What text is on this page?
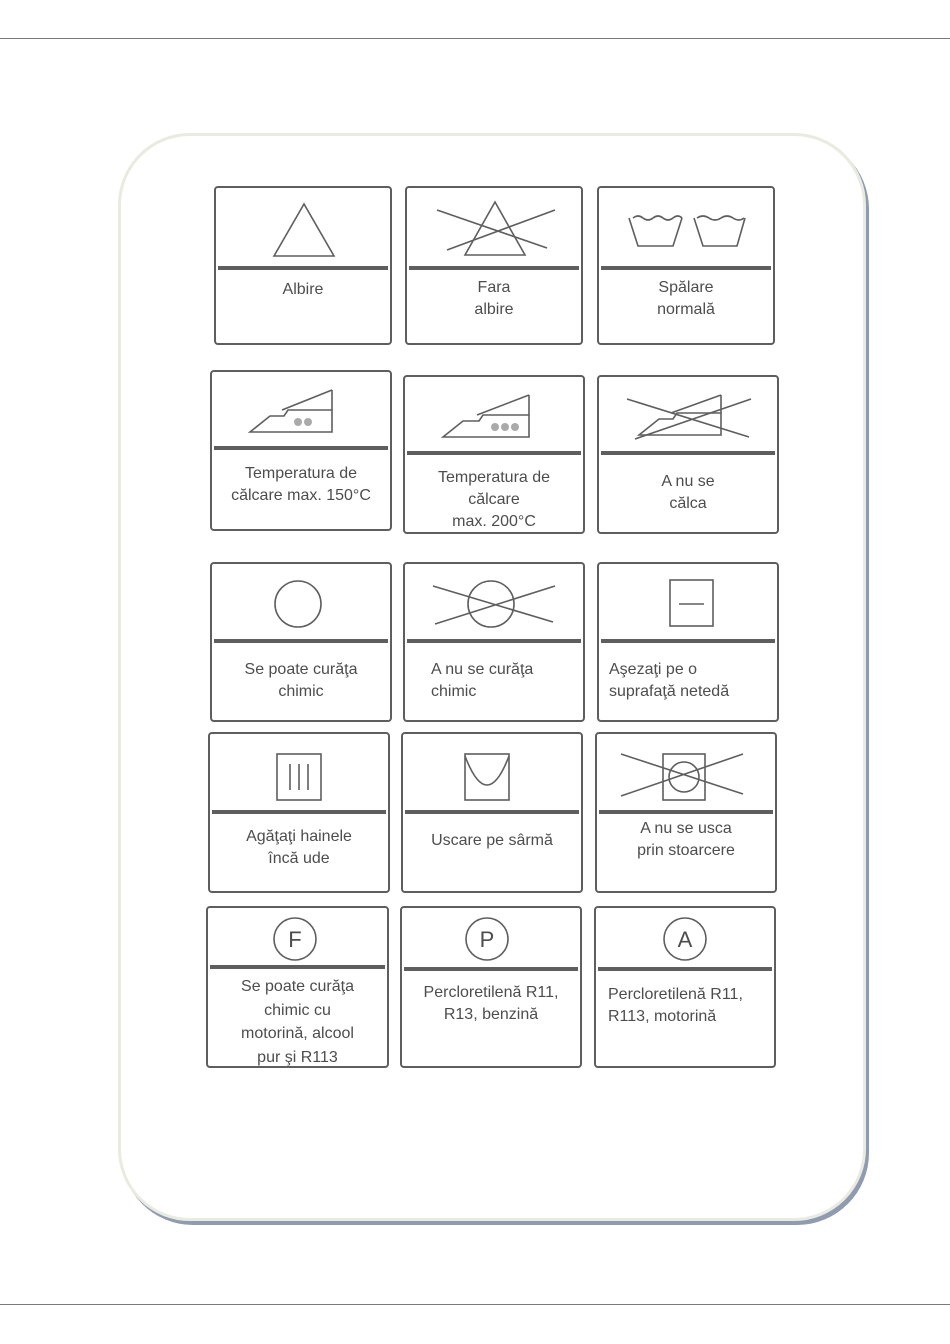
Albire	Fara
albire
Spălare
normală
Temperatura de
călcare max. 150°C
Temperatura de
călcare
max. 200°C
A nu se
călca
Se poate curăţa
chimic
A nu se curăţa
chimic
Aşezaţi pe o
suprafaţă netedă
Agăţaţi hainele
încă ude
Uscare pe sârmă
A nu se usca
prin stoarcere
F
Se poate curăţa
chimic cu
motorină, alcool
pur şi R113
P
Percloretilenă R11,
R13, benzină
A
Percloretilenă R11,
R113, motorină
